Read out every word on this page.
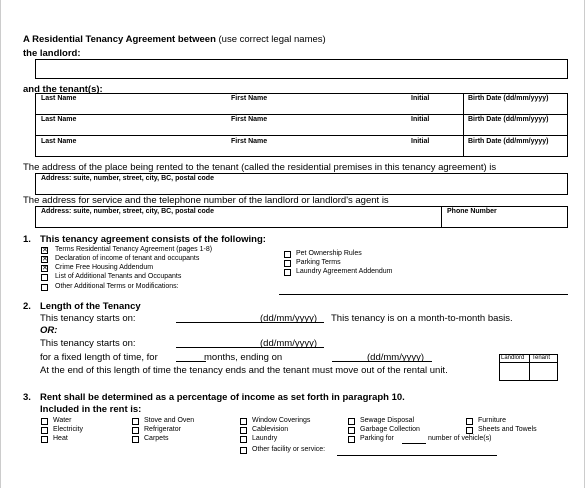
A Residential Tenancy Agreement between (use correct legal names)
the landlord:
and the tenant(s):
Last Name	First Name	Initial	Birth Date (dd/mm/yyyy)
Last Name	First Name	Initial	Birth Date (dd/mm/yyyy)
Last Name	First Name	Initial	Birth Date (dd/mm/yyyy)
The address of the place being rented to the tenant (called the residential premises in this tenancy agreement) is
Address: suite, number, street, city, BC, postal code
The address for service and the telephone number of the landlord or landlord's agent is
Address: suite, number, street, city, BC, postal code	Phone Number
1. This tenancy agreement consists of the following:
✕ Terms Residential Tenancy Agreement (pages 1-8)
✕ Declaration of income of tenant and occupants
✕ Crime Free Housing Addendum
List of Additional Tenants and Occupants
Other Additional Terms or Modifications:
Pet Ownership Rules
Parking Terms
Laundry Agreement Addendum
2. Length of the Tenancy
This tenancy starts on:	(dd/mm/yyyy) This tenancy is on a month-to-month basis.
OR:
This tenancy starts on:	(dd/mm/yyyy)
for a fixed length of time, for	months, ending on	(dd/mm/yyyy)
At the end of this length of time the tenancy ends and the tenant must move out of the rental unit.
Landlord Tenant
3. Rent shall be determined as a percentage of income as set forth in paragraph 10.
Included in the rent is:
Water
Electricity
Heat
Stove and Oven
Refrigerator
Carpets
Window Coverings
Cablevision
Laundry
Other facility or service:
Sewage Disposal
Garbage Collection
Parking for	number of vehicle(s)
Furniture
Sheets and Towels
